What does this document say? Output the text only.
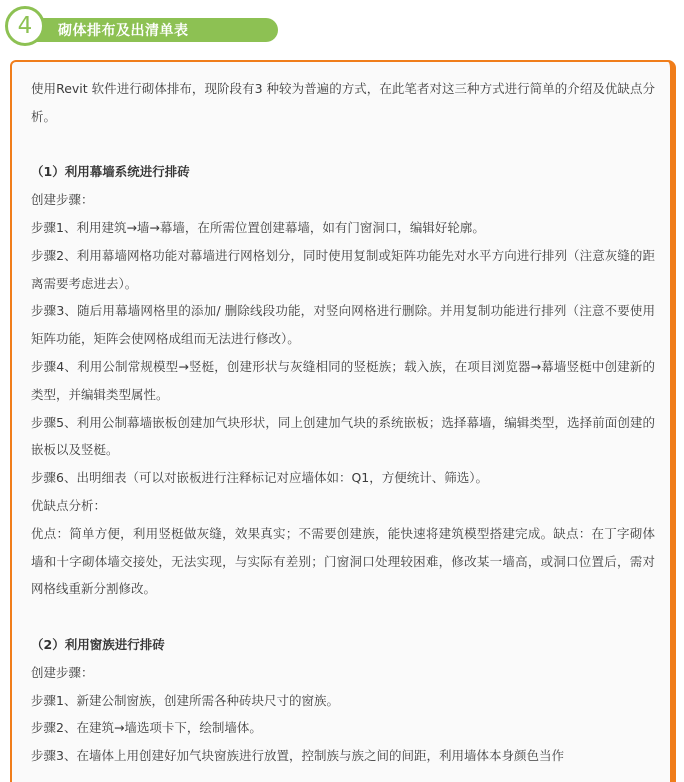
4 砌体排布及出清单表

使用Revit 软件进行砌体排布，现阶段有3 种较为普遍的方式，在此笔者对这三种方式进行简单的介绍及优缺点分析。

（1）利用幕墙系统进行排砖

创建步骤：

步骤1、利用建筑→墙→幕墙，在所需位置创建幕墙，如有门窗洞口，编辑好轮廓。

步骤2、利用幕墙网格功能对幕墙进行网格划分，同时使用复制或矩阵功能先对水平方向进行排列（注意灰缝的距离需要考虑进去）。

步骤3、随后用幕墙网格里的添加/ 删除线段功能，对竖向网格进行删除。并用复制功能进行排列（注意不要使用矩阵功能，矩阵会使网格成组而无法进行修改）。

步骤4、利用公制常规模型→竖梃，创建形状与灰缝相同的竖梃族；载入族，在项目浏览器→幕墙竖梃中创建新的类型，并编辑类型属性。

步骤5、利用公制幕墙嵌板创建加气块形状，同上创建加气块的系统嵌板；选择幕墙，编辑类型，选择前面创建的嵌板以及竖梃。

步骤6、出明细表（可以对嵌板进行注释标记对应墙体如：Q1，方便统计、筛选）。

优缺点分析：

优点：简单方便，利用竖梃做灰缝，效果真实；不需要创建族，能快速将建筑模型搭建完成。缺点：在丁字砌体墙和十字砌体墙交接处，无法实现，与实际有差别；门窗洞口处理较困难，修改某一墙高，或洞口位置后，需对网格线重新分割修改。

（2）利用窗族进行排砖

创建步骤：

步骤1、新建公制窗族，创建所需各种砖块尺寸的窗族。

步骤2、在建筑→墙选项卡下，绘制墙体。

步骤3、在墙体上用创建好加气块窗族进行放置，控制族与族之间的间距，利用墙体本身颜色当作
